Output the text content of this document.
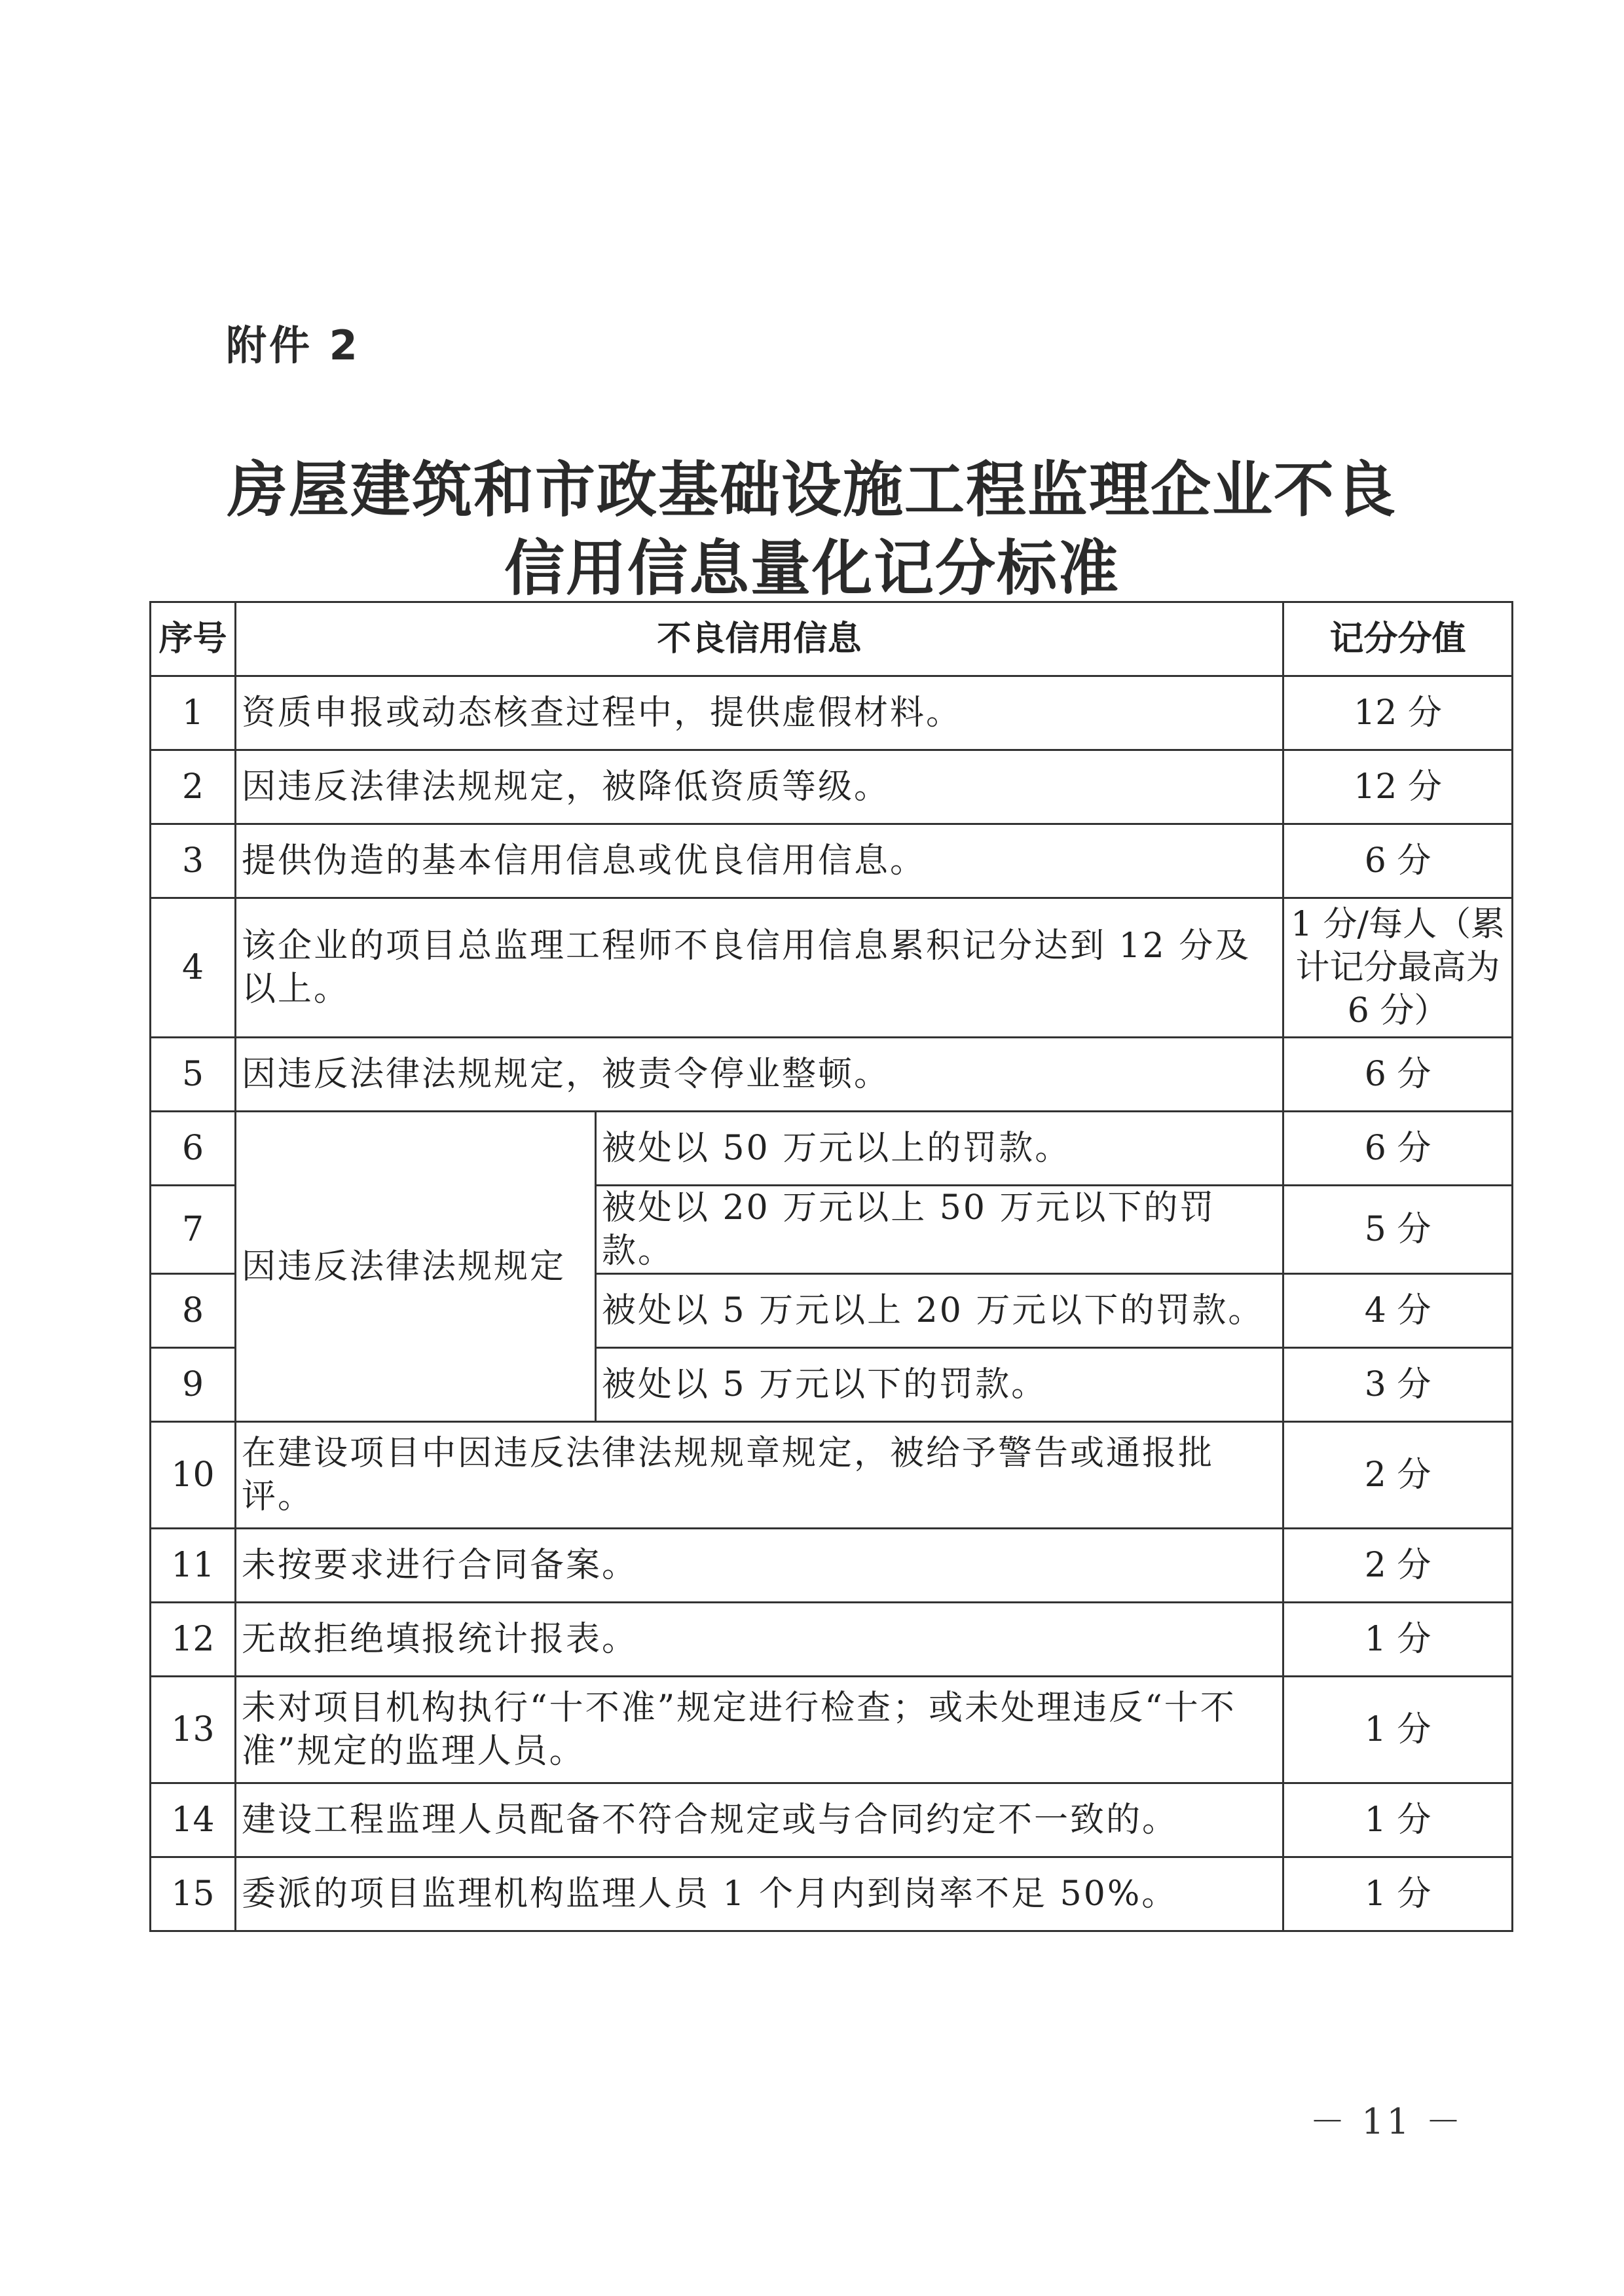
附件 2
房屋建筑和市政基础设施工程监理企业不良
信用信息量化记分标准
序号	不良信用信息		记分分值
1	资质申报或动态核查过程中，提供虚假材料。		12 分
2	因违反法律法规规定，被降低资质等级。		12 分
3	提供伪造的基本信用信息或优良信用信息。		6 分
4	该企业的项目总监理工程师不良信用信息累积记分达到 12 分及以上。		1 分/每人（累计记分最高为 6 分）
5	因违反法律法规规定，被责令停业整顿。		6 分
6	因违反法律法规规定	被处以 50 万元以上的罚款。	6 分
7		被处以 20 万元以上 50 万元以下的罚款。	5 分
8		被处以 5 万元以上 20 万元以下的罚款。	4 分
9		被处以 5 万元以下的罚款。	3 分
10	在建设项目中因违反法律法规规章规定，被给予警告或通报批评。		2 分
11	未按要求进行合同备案。		2 分
12	无故拒绝填报统计报表。		1 分
13	未对项目机构执行“十不准”规定进行检查；或未处理违反“十不准”规定的监理人员。		1 分
14	建设工程监理人员配备不符合规定或与合同约定不一致的。		1 分
15	委派的项目监理机构监理人员 1 个月内到岗率不足 50%。		1 分
－ 11 －
